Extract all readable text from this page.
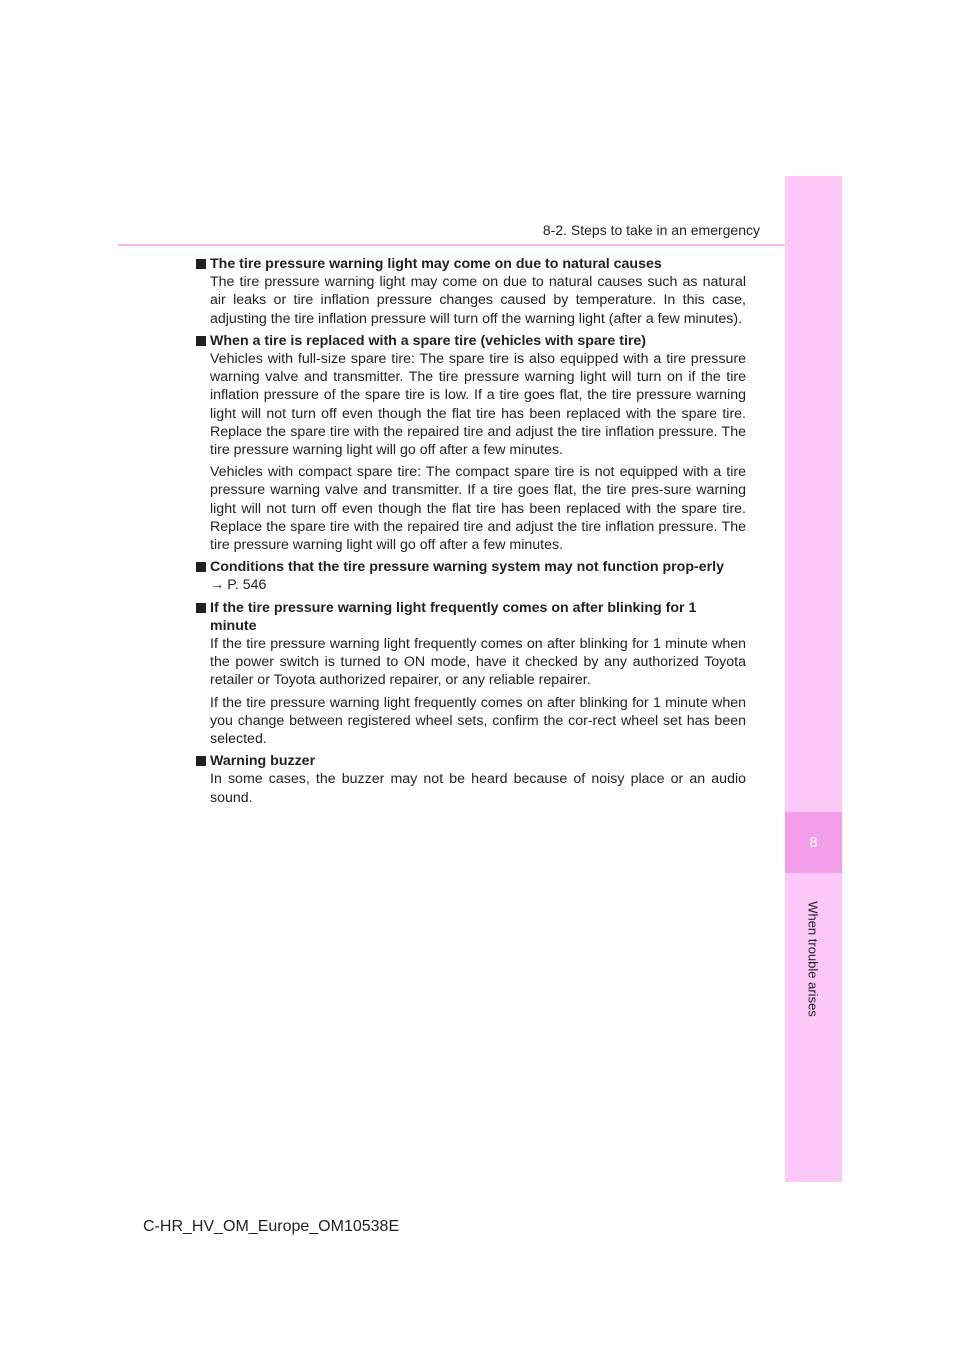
8-2. Steps to take in an emergency
8
When trouble arises

The tire pressure warning light may come on due to natural causes

The tire pressure warning light may come on due to natural causes such as natural air leaks or tire inflation pressure changes caused by temperature. In this case, adjusting the tire inflation pressure will turn off the warning light (after a few minutes).

When a tire is replaced with a spare tire (vehicles with spare tire)

Vehicles with full-size spare tire: The spare tire is also equipped with a tire pressure warning valve and transmitter. The tire pressure warning light will turn on if the tire inflation pressure of the spare tire is low. If a tire goes flat, the tire pressure warning light will not turn off even though the flat tire has been replaced with the spare tire. Replace the spare tire with the repaired tire and adjust the tire inflation pressure. The tire pressure warning light will go off after a few minutes.

Vehicles with compact spare tire: The compact spare tire is not equipped with a tire pressure warning valve and transmitter. If a tire goes flat, the tire pres-sure warning light will not turn off even though the flat tire has been replaced with the spare tire. Replace the spare tire with the repaired tire and adjust the tire inflation pressure. The tire pressure warning light will go off after a few minutes.

Conditions that the tire pressure warning system may not function prop-erly

→ P. 546

If the tire pressure warning light frequently comes on after blinking for 1 minute

If the tire pressure warning light frequently comes on after blinking for 1 minute when the power switch is turned to ON mode, have it checked by any authorized Toyota retailer or Toyota authorized repairer, or any reliable repairer.

If the tire pressure warning light frequently comes on after blinking for 1 minute when you change between registered wheel sets, confirm the cor-rect wheel set has been selected.

Warning buzzer

In some cases, the buzzer may not be heard because of noisy place or an audio sound.

C-HR_HV_OM_Europe_OM10538E
